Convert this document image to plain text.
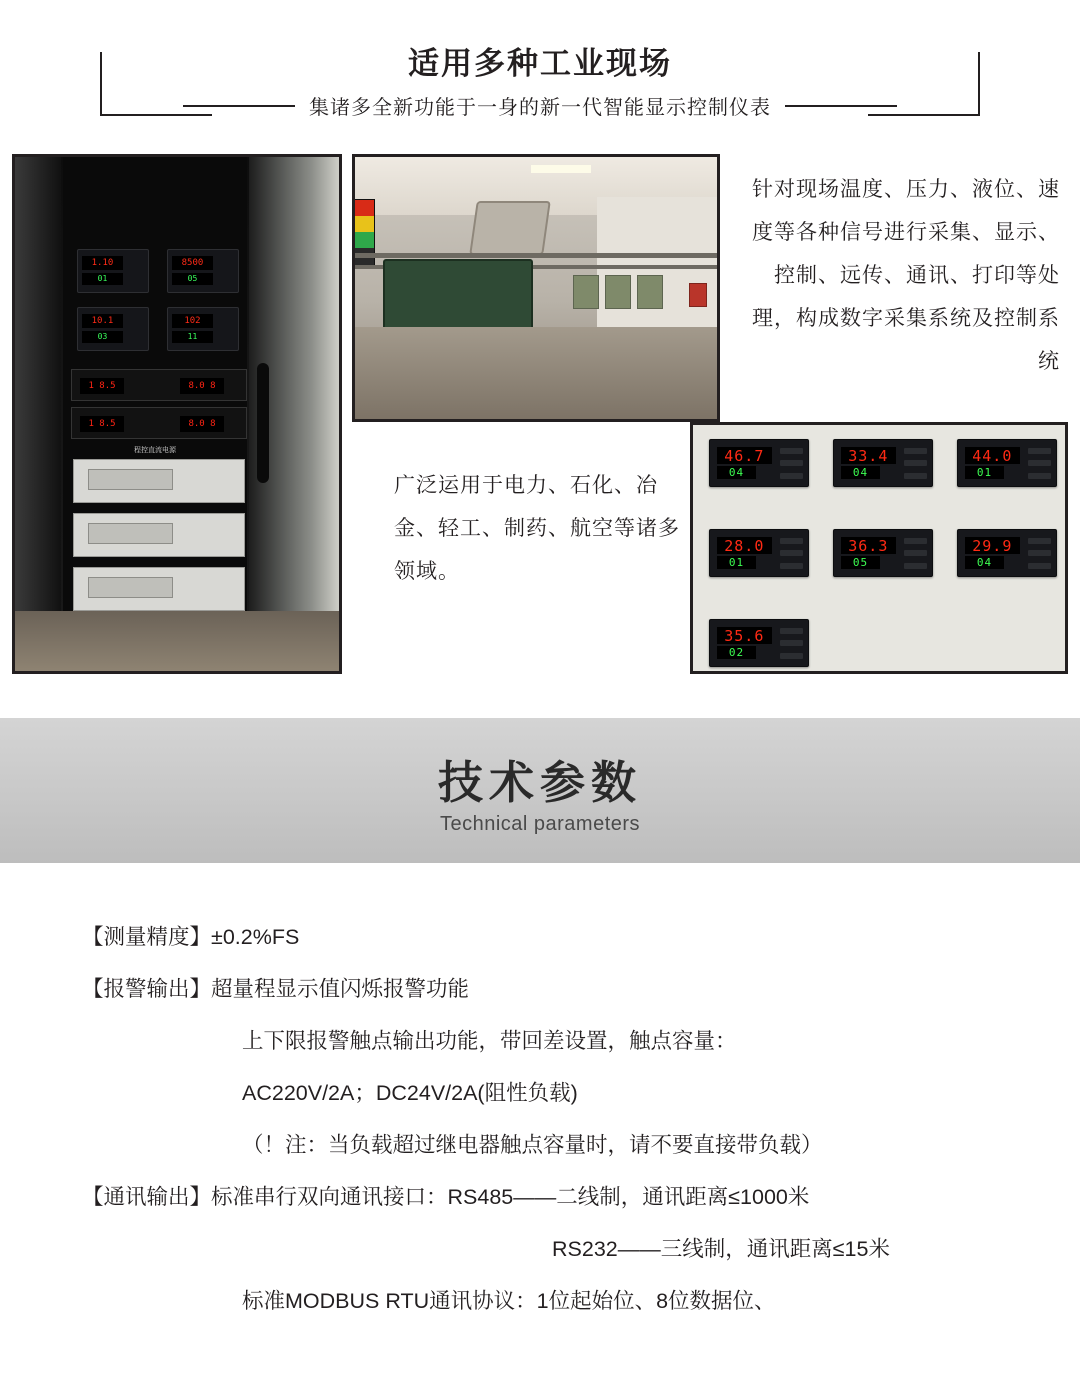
适用多种工业现场
集诸多全新功能于一身的新一代智能显示控制仪表
1.10
01
8500
05
10.1
03
102
11
1 8.5	8.0 8
1 8.5	8.0 8
程控直流电源	46.7
04
33.4
04
44.0
01
28.0
01
36.3
05
29.9
04
35.6
02
针对现场温度、压力、液位、速度等各种信号进行采集、显示、控制、远传、通讯、打印等处理，构成数字采集系统及控制系统
广泛运用于电力、石化、冶金、轻工、制药、航空等诸多领域。
技术参数
Technical parameters
【测量精度】 ±0.2%FS
【报警输出】 超量程显示值闪烁报警功能
上下限报警触点输出功能，带回差设置，触点容量：
AC220V/2A；DC24V/2A(阻性负载)
（！注：当负载超过继电器触点容量时，请不要直接带负载）
【通讯输出】 标准串行双向通讯接口：RS485——二线制，通讯距离≤1000米
RS232——三线制，通讯距离≤15米
标准MODBUS RTU通讯协议：1位起始位、8位数据位、
